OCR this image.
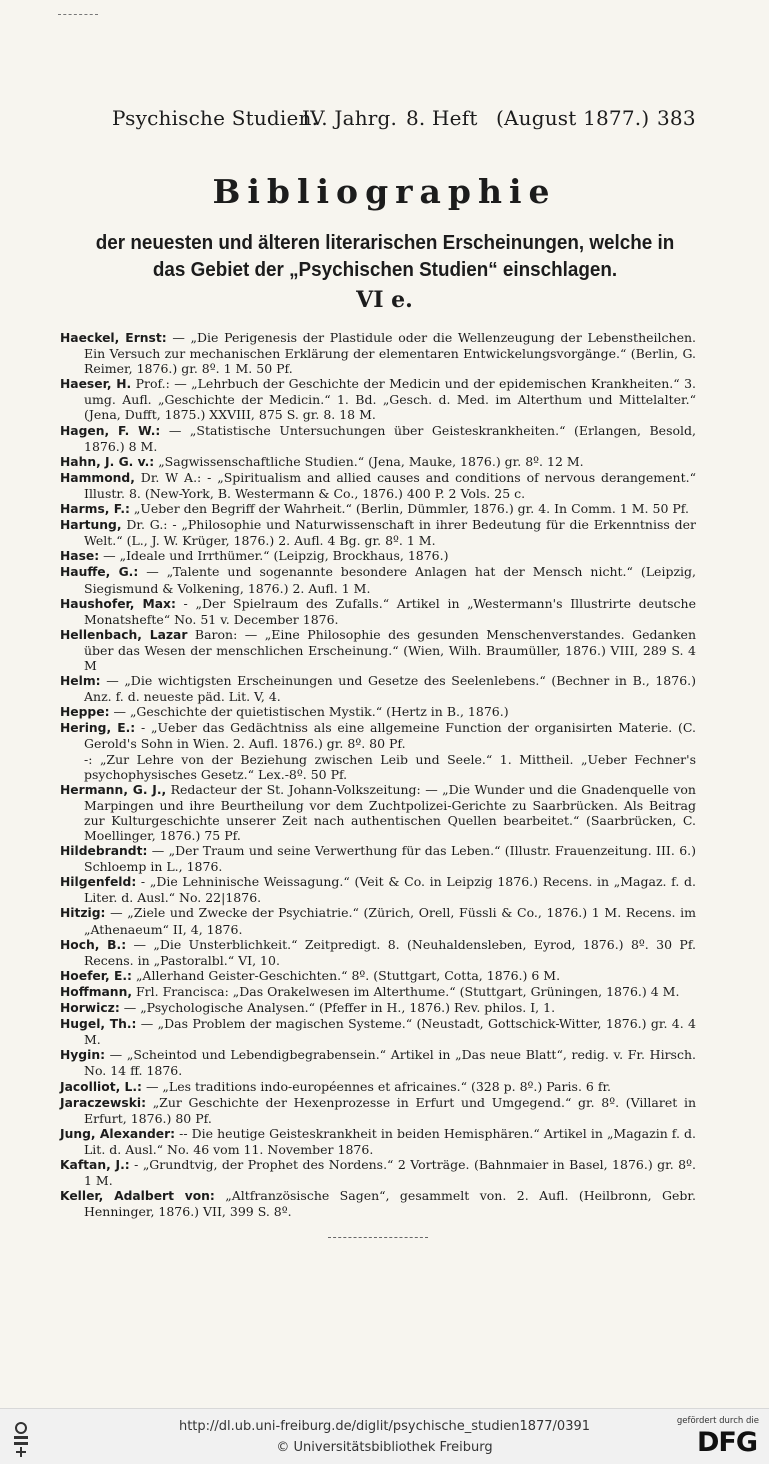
Psychische Studien.
IV. Jahrg. 8. Heft (August 1877.) 383
Bibliographie
der neuesten und älteren literarischen Erscheinungen, welche in
das Gebiet der „Psychischen Studien“ einschlagen.
VI e.
Haeckel, Ernst: — „Die Perigenesis der Plastidule oder die Wellenzeugung der Lebenstheilchen. Ein Versuch zur mechanischen Erklärung der elementaren Entwickelungsvorgänge.“ (Berlin, G. Reimer, 1876.) gr. 8º. 1 M. 50 Pf.
Haeser, H. Prof.: — „Lehrbuch der Geschichte der Medicin und der epidemischen Krankheiten.“ 3. umg. Aufl. „Geschichte der Medicin.“ 1. Bd. „Gesch. d. Med. im Alterthum und Mittelalter.“ (Jena, Dufft, 1875.) XXVIII, 875 S. gr. 8. 18 M.
Hagen, F. W.: — „Statistische Untersuchungen über Geisteskrankheiten.“ (Erlangen, Besold, 1876.) 8 M.
Hahn, J. G. v.: „Sagwissenschaftliche Studien.“ (Jena, Mauke, 1876.) gr. 8º. 12 M.
Hammond, Dr. W A.: - „Spiritualism and allied causes and conditions of nervous derangement.“ Illustr. 8. (New-York, B. Westermann & Co., 1876.) 400 P. 2 Vols. 25 c.
Harms, F.: „Ueber den Begriff der Wahrheit.“ (Berlin, Dümmler, 1876.) gr. 4. In Comm. 1 M. 50 Pf.
Hartung, Dr. G.: - „Philosophie und Naturwissenschaft in ihrer Bedeutung für die Erkenntniss der Welt.“ (L., J. W. Krüger, 1876.) 2. Aufl. 4 Bg. gr. 8º. 1 M.
Hase: — „Ideale und Irrthümer.“ (Leipzig, Brockhaus, 1876.)
Hauffe, G.: — „Talente und sogenannte besondere Anlagen hat der Mensch nicht.“ (Leipzig, Siegismund & Volkening, 1876.) 2. Aufl. 1 M.
Haushofer, Max: - „Der Spielraum des Zufalls.“ Artikel in „Westermann's Illustrirte deutsche Monatshefte“ No. 51 v. December 1876.
Hellenbach, Lazar Baron: — „Eine Philosophie des gesunden Menschenverstandes. Gedanken über das Wesen der menschlichen Erscheinung.“ (Wien, Wilh. Braumüller, 1876.) VIII, 289 S. 4 M
Helm: — „Die wichtigsten Erscheinungen und Gesetze des Seelenlebens.“ (Bechner in B., 1876.) Anz. f. d. neueste päd. Lit. V, 4.
Heppe: — „Geschichte der quietistischen Mystik.“ (Hertz in B., 1876.)
Hering, E.: - „Ueber das Gedächtniss als eine allgemeine Function der organisirten Materie. (C. Gerold's Sohn in Wien. 2. Aufl. 1876.) gr. 8º. 80 Pf.
-: „Zur Lehre von der Beziehung zwischen Leib und Seele.“ 1. Mittheil. „Ueber Fechner's psychophysisches Gesetz.“ Lex.-8º. 50 Pf.
Hermann, G. J., Redacteur der St. Johann-Volkszeitung: — „Die Wunder und die Gnadenquelle von Marpingen und ihre Beurtheilung vor dem Zuchtpolizei-Gerichte zu Saarbrücken. Als Beitrag zur Kulturgeschichte unserer Zeit nach authentischen Quellen bearbeitet.“ (Saarbrücken, C. Moellinger, 1876.) 75 Pf.
Hildebrandt: — „Der Traum und seine Verwerthung für das Leben.“ (Illustr. Frauenzeitung. III. 6.) Schloemp in L., 1876.
Hilgenfeld: - „Die Lehninische Weissagung.“ (Veit & Co. in Leipzig 1876.) Recens. in „Magaz. f. d. Liter. d. Ausl.“ No. 22|1876.
Hitzig: — „Ziele und Zwecke der Psychiatrie.“ (Zürich, Orell, Füssli & Co., 1876.) 1 M. Recens. im „Athenaeum“ II, 4, 1876.
Hoch, B.: — „Die Unsterblichkeit.“ Zeitpredigt. 8. (Neuhaldensleben, Eyrod, 1876.) 8º. 30 Pf. Recens. in „Pastoralbl.“ VI, 10.
Hoefer, E.: „Allerhand Geister-Geschichten.“ 8º. (Stuttgart, Cotta, 1876.) 6 M.
Hoffmann, Frl. Francisca: „Das Orakelwesen im Alterthume.“ (Stuttgart, Grüningen, 1876.) 4 M.
Horwicz: — „Psychologische Analysen.“ (Pfeffer in H., 1876.) Rev. philos. I, 1.
Hugel, Th.: — „Das Problem der magischen Systeme.“ (Neustadt, Gottschick-Witter, 1876.) gr. 4. 4 M.
Hygin: — „Scheintod und Lebendigbegrabensein.“ Artikel in „Das neue Blatt“, redig. v. Fr. Hirsch. No. 14 ff. 1876.
Jacolliot, L.: — „Les traditions indo-européennes et africaines.“ (328 p. 8º.) Paris. 6 fr.
Jaraczewski: „Zur Geschichte der Hexenprozesse in Erfurt und Umgegend.“ gr. 8º. (Villaret in Erfurt, 1876.) 80 Pf.
Jung, Alexander: -- Die heutige Geisteskrankheit in beiden Hemisphären.“ Artikel in „Magazin f. d. Lit. d. Ausl.“ No. 46 vom 11. November 1876.
Kaftan, J.: - „Grundtvig, der Prophet des Nordens.“ 2 Vorträge. (Bahnmaier in Basel, 1876.) gr. 8º. 1 M.
Keller, Adalbert von: „Altfranzösische Sagen“, gesammelt von. 2. Aufl. (Heilbronn, Gebr. Henninger, 1876.) VII, 399 S. 8º.
http://dl.ub.uni-freiburg.de/diglit/psychische_studien1877/0391
© Universitätsbibliothek Freiburg
gefördert durch die
DFG
